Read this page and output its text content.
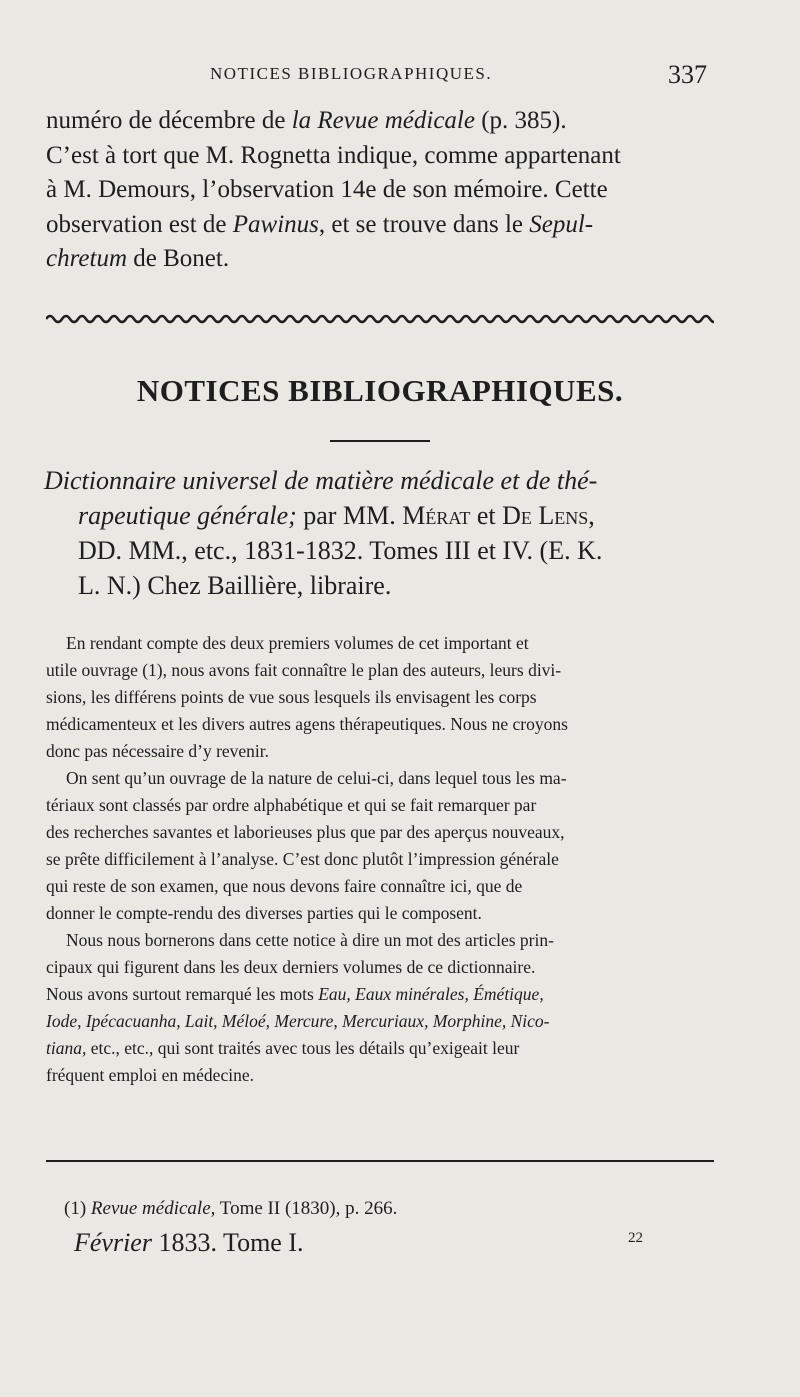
NOTICES BIBLIOGRAPHIQUES.	337
numéro de décembre de la Revue médicale (p. 385).
C’est à tort que M. Rognetta indique, comme appartenant
à M. Demours, l’observation 14e de son mémoire. Cette
observation est de Pawinus, et se trouve dans le Sepul-
chretum de Bonet.
NOTICES BIBLIOGRAPHIQUES.
Dictionnaire universel de matière médicale et de thé-
rapeutique générale; par MM. Mérat et De Lens,
DD. MM., etc., 1831-1832. Tomes III et IV. (E. K.
L. N.) Chez Baillière, libraire.

En rendant compte des deux premiers volumes de cet important et
utile ouvrage (1), nous avons fait connaître le plan des auteurs, leurs divi-
sions, les différens points de vue sous lesquels ils envisagent les corps
médicamenteux et les divers autres agens thérapeutiques. Nous ne croyons
donc pas nécessaire d’y revenir.

On sent qu’un ouvrage de la nature de celui-ci, dans lequel tous les ma-
tériaux sont classés par ordre alphabétique et qui se fait remarquer par
des recherches savantes et laborieuses plus que par des aperçus nouveaux,
se prête difficilement à l’analyse. C’est donc plutôt l’impression générale
qui reste de son examen, que nous devons faire connaître ici, que de
donner le compte-rendu des diverses parties qui le composent.

Nous nous bornerons dans cette notice à dire un mot des articles prin-
cipaux qui figurent dans les deux derniers volumes de ce dictionnaire.
Nous avons surtout remarqué les mots Eau, Eaux minérales, Émétique,
Iode, Ipécacuanha, Lait, Méloé, Mercure, Mercuriaux, Morphine, Nico-
tiana, etc., etc., qui sont traités avec tous les détails qu’exigeait leur
fréquent emploi en médecine.

(1) Revue médicale, Tome II (1830), p. 266.
Février 1833. Tome I.	22
